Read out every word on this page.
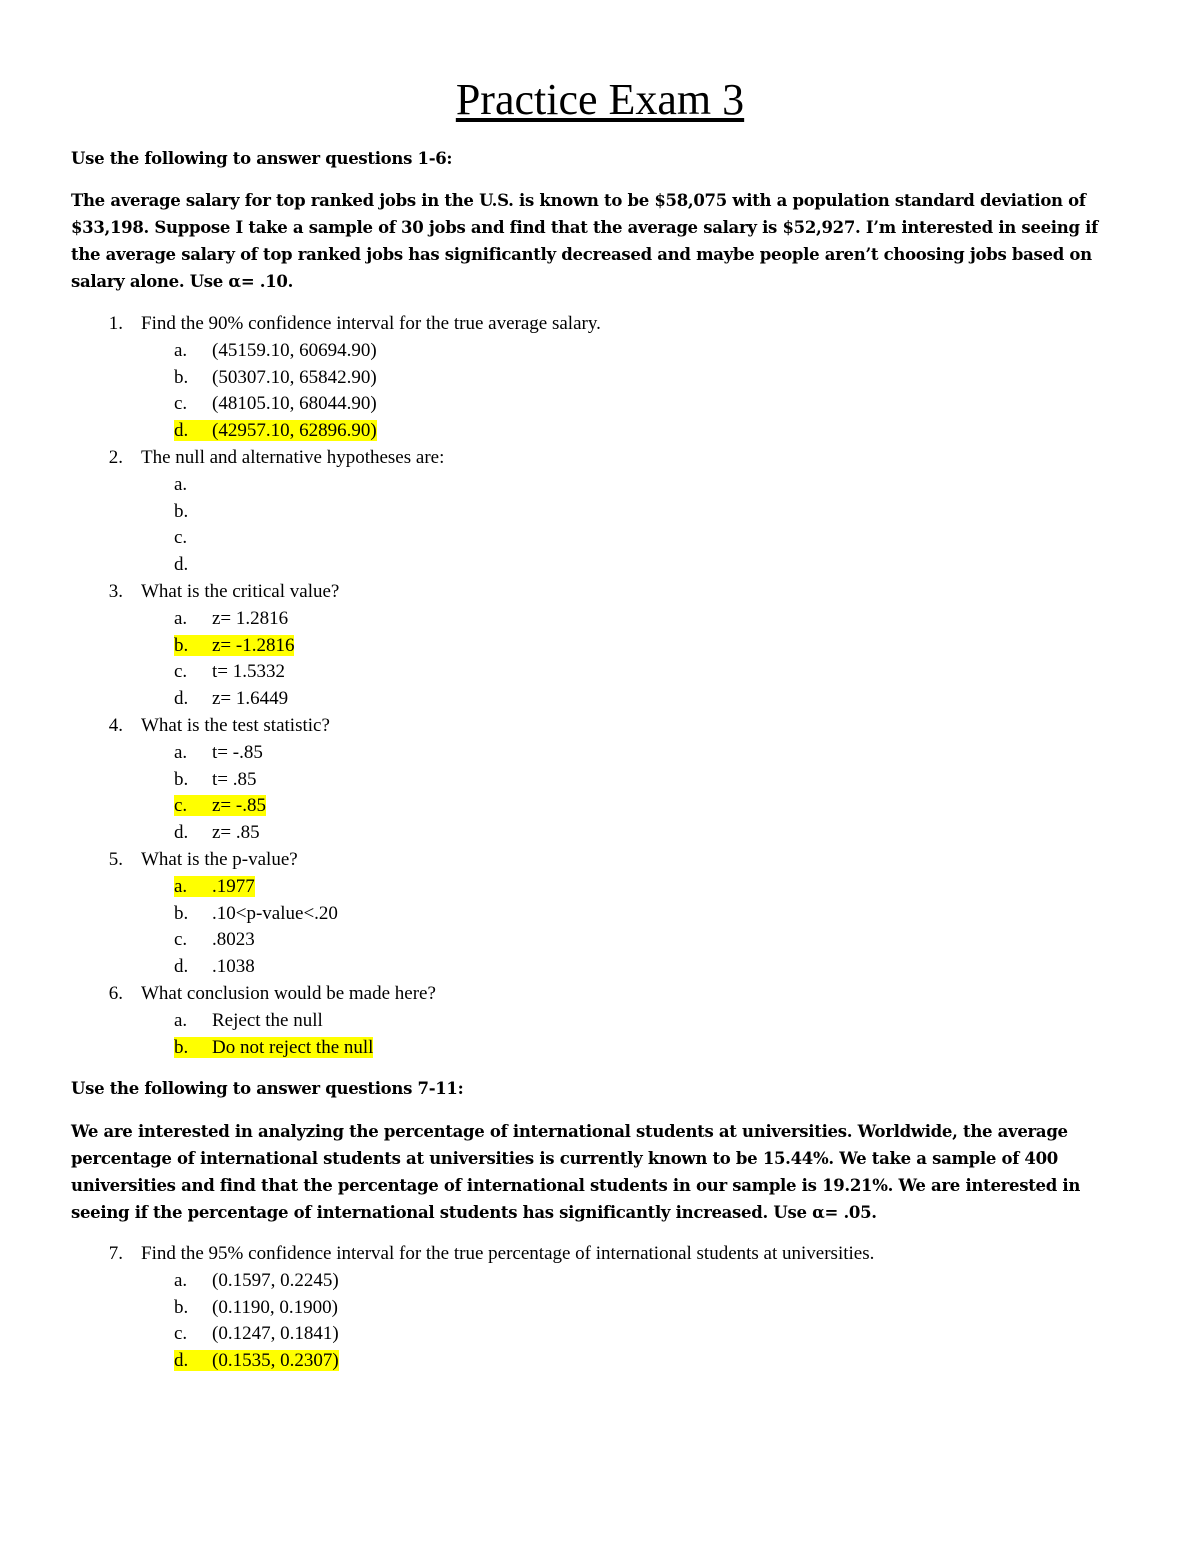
Practice Exam 3

Use the following to answer questions 1-6:

The average salary for top ranked jobs in the U.S. is known to be $58,075 with a population standard deviation of $33,198. Suppose I take a sample of 30 jobs and find that the average salary is $52,927. I’m interested in seeing if the average salary of top ranked jobs has significantly decreased and maybe people aren’t choosing jobs based on salary alone. Use α= .10.

1. Find the 90% confidence interval for the true average salary.
a. (45159.10, 60694.90)
b. (50307.10, 65842.90)
c. (48105.10, 68044.90)
d. (42957.10, 62896.90)
2. The null and alternative hypotheses are:
a.
b.
c.
d.
3. What is the critical value?
a. z= 1.2816
b. z= -1.2816
c. t= 1.5332
d. z= 1.6449
4. What is the test statistic?
a. t= -.85
b. t= .85
c. z= -.85
d. z= .85
5. What is the p-value?
a. .1977
b. .10<p-value<.20
c. .8023
d. .1038
6. What conclusion would be made here?
a. Reject the null
b. Do not reject the null

Use the following to answer questions 7-11:

We are interested in analyzing the percentage of international students at universities. Worldwide, the average percentage of international students at universities is currently known to be 15.44%. We take a sample of 400 universities and find that the percentage of international students in our sample is 19.21%. We are interested in seeing if the percentage of international students has significantly increased. Use α= .05.

7. Find the 95% confidence interval for the true percentage of international students at universities.
a. (0.1597, 0.2245)
b. (0.1190, 0.1900)
c. (0.1247, 0.1841)
d. (0.1535, 0.2307)
